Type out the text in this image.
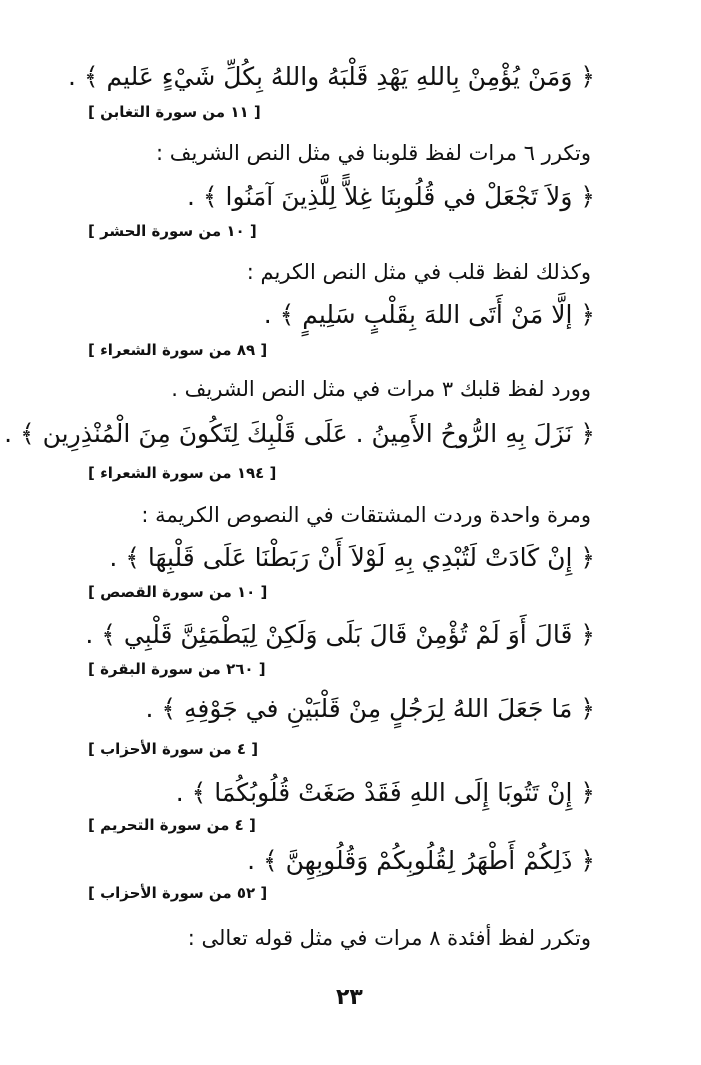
﴿ وَمَنْ يُؤْمِنْ بِاللهِ يَهْدِ قَلْبَهُ واللهُ بِكُلِّ شَيْءٍ عَليم ﴾ .
[ ١١ من سورة التغابن ]
وتكرر ٦ مرات لفظ قلوبنا في مثل النص الشريف :
﴿ وَلاَ تَجْعَلْ في قُلُوبِنَا غِلاًّ لِلَّذِينَ آمَنُوا ﴾ .
[ ١٠ من سورة الحشر ]
وكذلك لفظ قلب في مثل النص الكريم :
﴿ إلَّا مَنْ أَتَى اللهَ بِقَلْبٍ سَلِيمٍ ﴾ .
[ ٨٩ من سورة الشعراء ]
وورد لفظ قلبك ٣ مرات في مثل النص الشريف .
﴿ نَزَلَ بِهِ الرُّوحُ الأَمِينُ . عَلَى قَلْبِكَ لِتَكُونَ مِنَ الْمُنْذِرِين ﴾ .
[ ١٩٤ من سورة الشعراء ]
ومرة واحدة وردت المشتقات في النصوص الكريمة :
﴿ إِنْ كَادَتْ لَتُبْدِي بِهِ لَوْلاَ أَنْ رَبَطْنَا عَلَى قَلْبِهَا ﴾ .
[ ١٠ من سورة القصص ]
﴿ قَالَ أَوَ لَمْ تُؤْمِنْ قَالَ بَلَى وَلَكِنْ لِيَطْمَئِنَّ قَلْبِي ﴾ .
[ ٢٦٠ من سورة البقرة ]
﴿ مَا جَعَلَ اللهُ لِرَجُلٍ مِنْ قَلْبَيْنِ في جَوْفِهِ ﴾ .
[ ٤ من سورة الأحزاب ]
﴿ إِنْ تَتُوبَا إِلَى اللهِ فَقَدْ صَغَتْ قُلُوبُكُمَا ﴾ .
[ ٤ من سورة التحريم ]
﴿ ذَلِكُمْ أَطْهَرُ لِقُلُوبِكُمْ وَقُلُوبِهِنَّ ﴾ .
[ ٥٢ من سورة الأحزاب ]
وتكرر لفظ أفئدة ٨ مرات في مثل قوله تعالى :
٢٣
